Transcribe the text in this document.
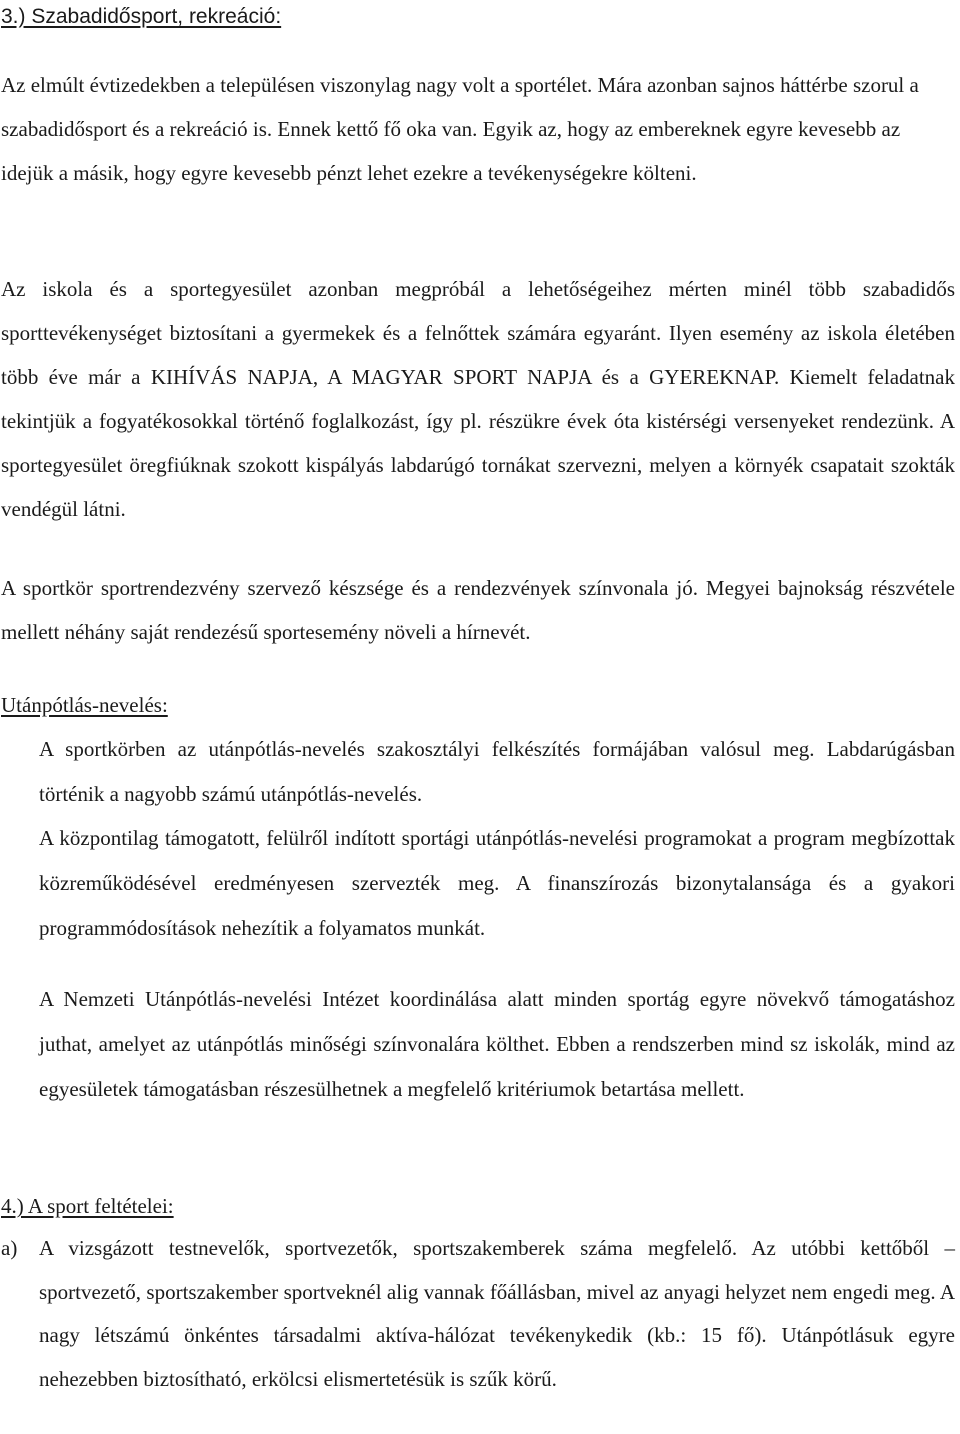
3.) Szabadidősport, rekreáció:

Az elmúlt évtizedekben a településen viszonylag nagy volt a sportélet. Mára azonban sajnos háttérbe szorul a szabadidősport és a rekreáció is. Ennek kettő fő oka van. Egyik az, hogy az embereknek egyre kevesebb az idejük a másik, hogy egyre kevesebb pénzt lehet ezekre a tevékenységekre költeni.

Az iskola és a sportegyesület azonban megpróbál a lehetőségeihez mérten minél több szabadidős sporttevékenységet biztosítani a gyermekek és a felnőttek számára egyaránt. Ilyen esemény az iskola életében több éve már a KIHÍVÁS NAPJA, A MAGYAR SPORT NAPJA és a GYEREKNAP. Kiemelt feladatnak tekintjük a fogyatékosokkal történő foglalkozást, így pl. részükre évek óta kistérségi versenyeket rendezünk. A sportegyesület öregfiúknak szokott kispályás labdarúgó tornákat szervezni, melyen a környék csapatait szokták vendégül látni.

A sportkör sportrendezvény szervező készsége és a rendezvények színvonala jó. Megyei bajnokság részvétele mellett néhány saját rendezésű sportesemény növeli a hírnevét.

Utánpótlás-nevelés:

A sportkörben az utánpótlás-nevelés szakosztályi felkészítés formájában valósul meg. Labdarúgásban történik a nagyobb számú utánpótlás-nevelés.

A központilag támogatott, felülről indított sportági utánpótlás-nevelési programokat a program megbízottak közreműködésével eredményesen szervezték meg. A finanszírozás bizonytalansága és a gyakori programmódosítások nehezítik a folyamatos munkát.

A Nemzeti Utánpótlás-nevelési Intézet koordinálása alatt minden sportág egyre növekvő támogatáshoz juthat, amelyet az utánpótlás minőségi színvonalára költhet. Ebben a rendszerben mind sz iskolák, mind az egyesületek támogatásban részesülhetnek a megfelelő kritériumok betartása mellett.

4.) A sport feltételei:
a) A vizsgázott testnevelők, sportvezetők, sportszakemberek száma megfelelő. Az utóbbi kettőből – sportvezető, sportszakember sportveknél alig vannak főállásban, mivel az anyagi helyzet nem engedi meg. A nagy létszámú önkéntes társadalmi aktíva-hálózat tevékenykedik (kb.: 15 fő). Utánpótlásuk egyre nehezebben biztosítható, erkölcsi elismertetésük is szűk körű.
